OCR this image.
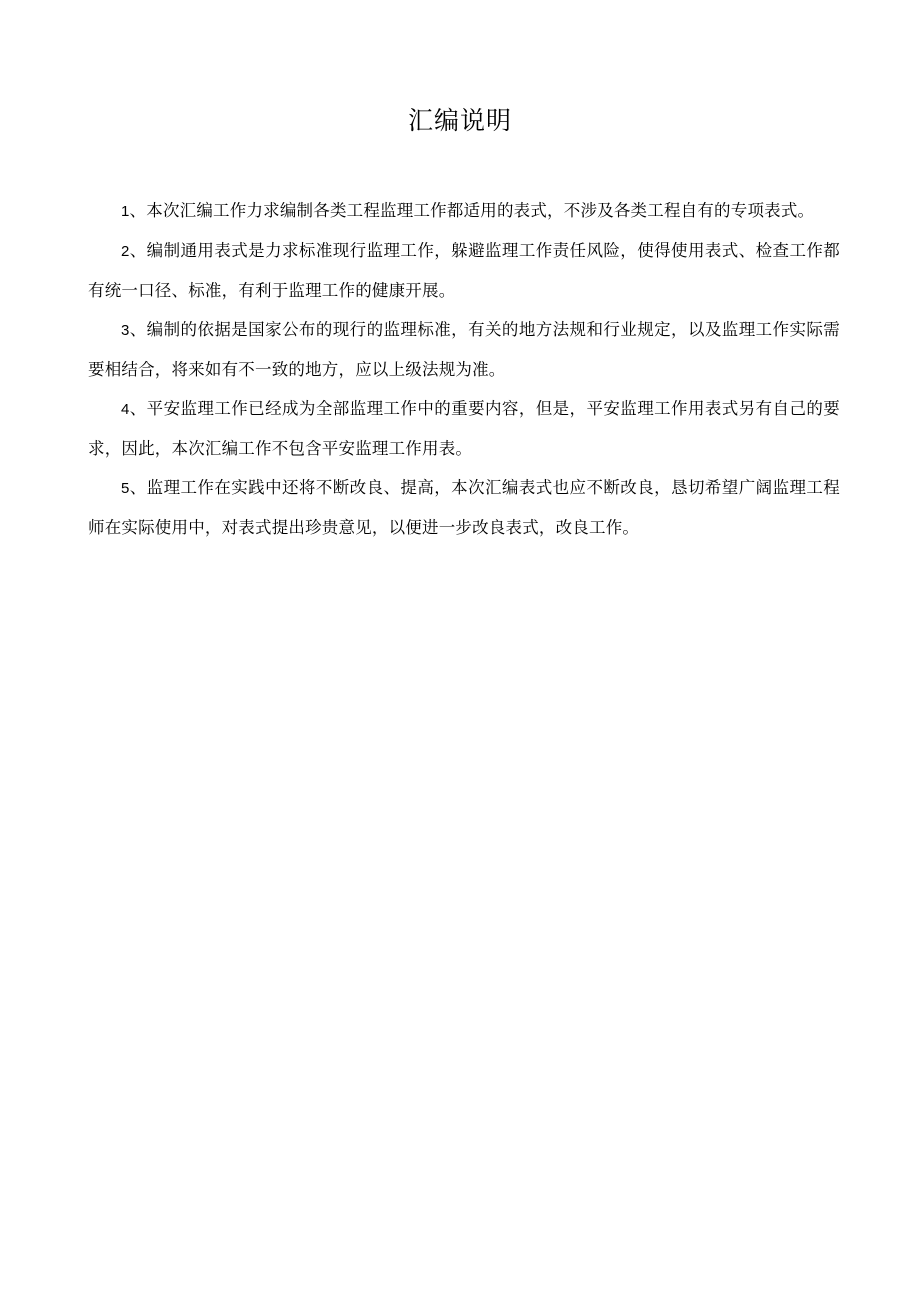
汇编说明

1、本次汇编工作力求编制各类工程监理工作都适用的表式，不涉及各类工程自有的专项表式。

2、编制通用表式是力求标准现行监理工作，躲避监理工作责任风险，使得使用表式、检查工作都有统一口径、标准，有利于监理工作的健康开展。

3、编制的依据是国家公布的现行的监理标准，有关的地方法规和行业规定，以及监理工作实际需要相结合，将来如有不一致的地方，应以上级法规为准。

4、平安监理工作已经成为全部监理工作中的重要内容，但是，平安监理工作用表式另有自己的要求，因此，本次汇编工作不包含平安监理工作用表。

5、监理工作在实践中还将不断改良、提高，本次汇编表式也应不断改良，恳切希望广阔监理工程师在实际使用中，对表式提出珍贵意见，以便进一步改良表式，改良工作。
